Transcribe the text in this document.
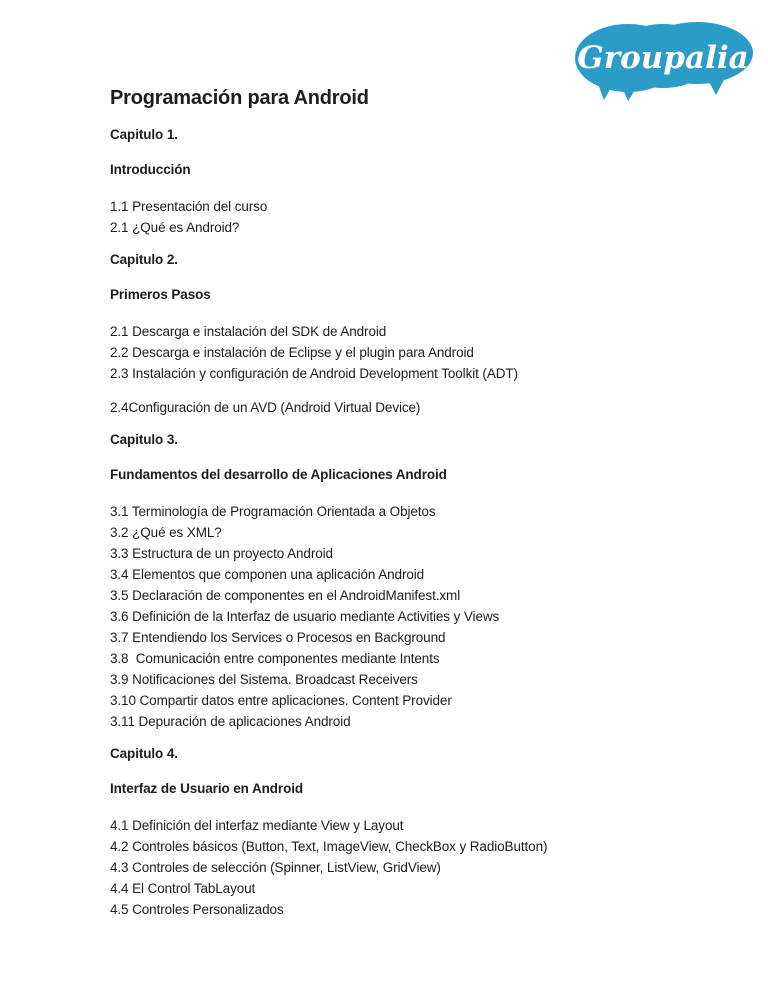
Groupalia
Programación para Android

Capitulo 1.

Introducción

1.1 Presentación del curso

2.1 ¿Qué es Android?

Capitulo 2.

Primeros Pasos

2.1 Descarga e instalación del SDK de Android

2.2 Descarga e instalación de Eclipse y el plugin para Android

2.3 Instalación y configuración de Android Development Toolkit (ADT)

2.4Configuración de un AVD (Android Virtual Device)

Capitulo 3.

Fundamentos del desarrollo de Aplicaciones Android

3.1 Terminología de Programación Orientada a Objetos

3.2 ¿Qué es XML?

3.3 Estructura de un proyecto Android

3.4 Elementos que componen una aplicación Android

3.5 Declaración de componentes en el AndroidManifest.xml

3.6 Definición de la Interfaz de usuario mediante Activities y Views

3.7 Entendiendo los Services o Procesos en Background

3.8  Comunicación entre componentes mediante Intents

3.9 Notificaciones del Sistema. Broadcast Receivers

3.10 Compartir datos entre aplicaciones. Content Provider

3.11 Depuración de aplicaciones Android

Capitulo 4.

Interfaz de Usuario en Android

4.1 Definición del interfaz mediante View y Layout

4.2 Controles básicos (Button, Text, ImageView, CheckBox y RadioButton)

4.3 Controles de selección (Spinner, ListView, GridView)

4.4 El Control TabLayout

4.5 Controles Personalizados
